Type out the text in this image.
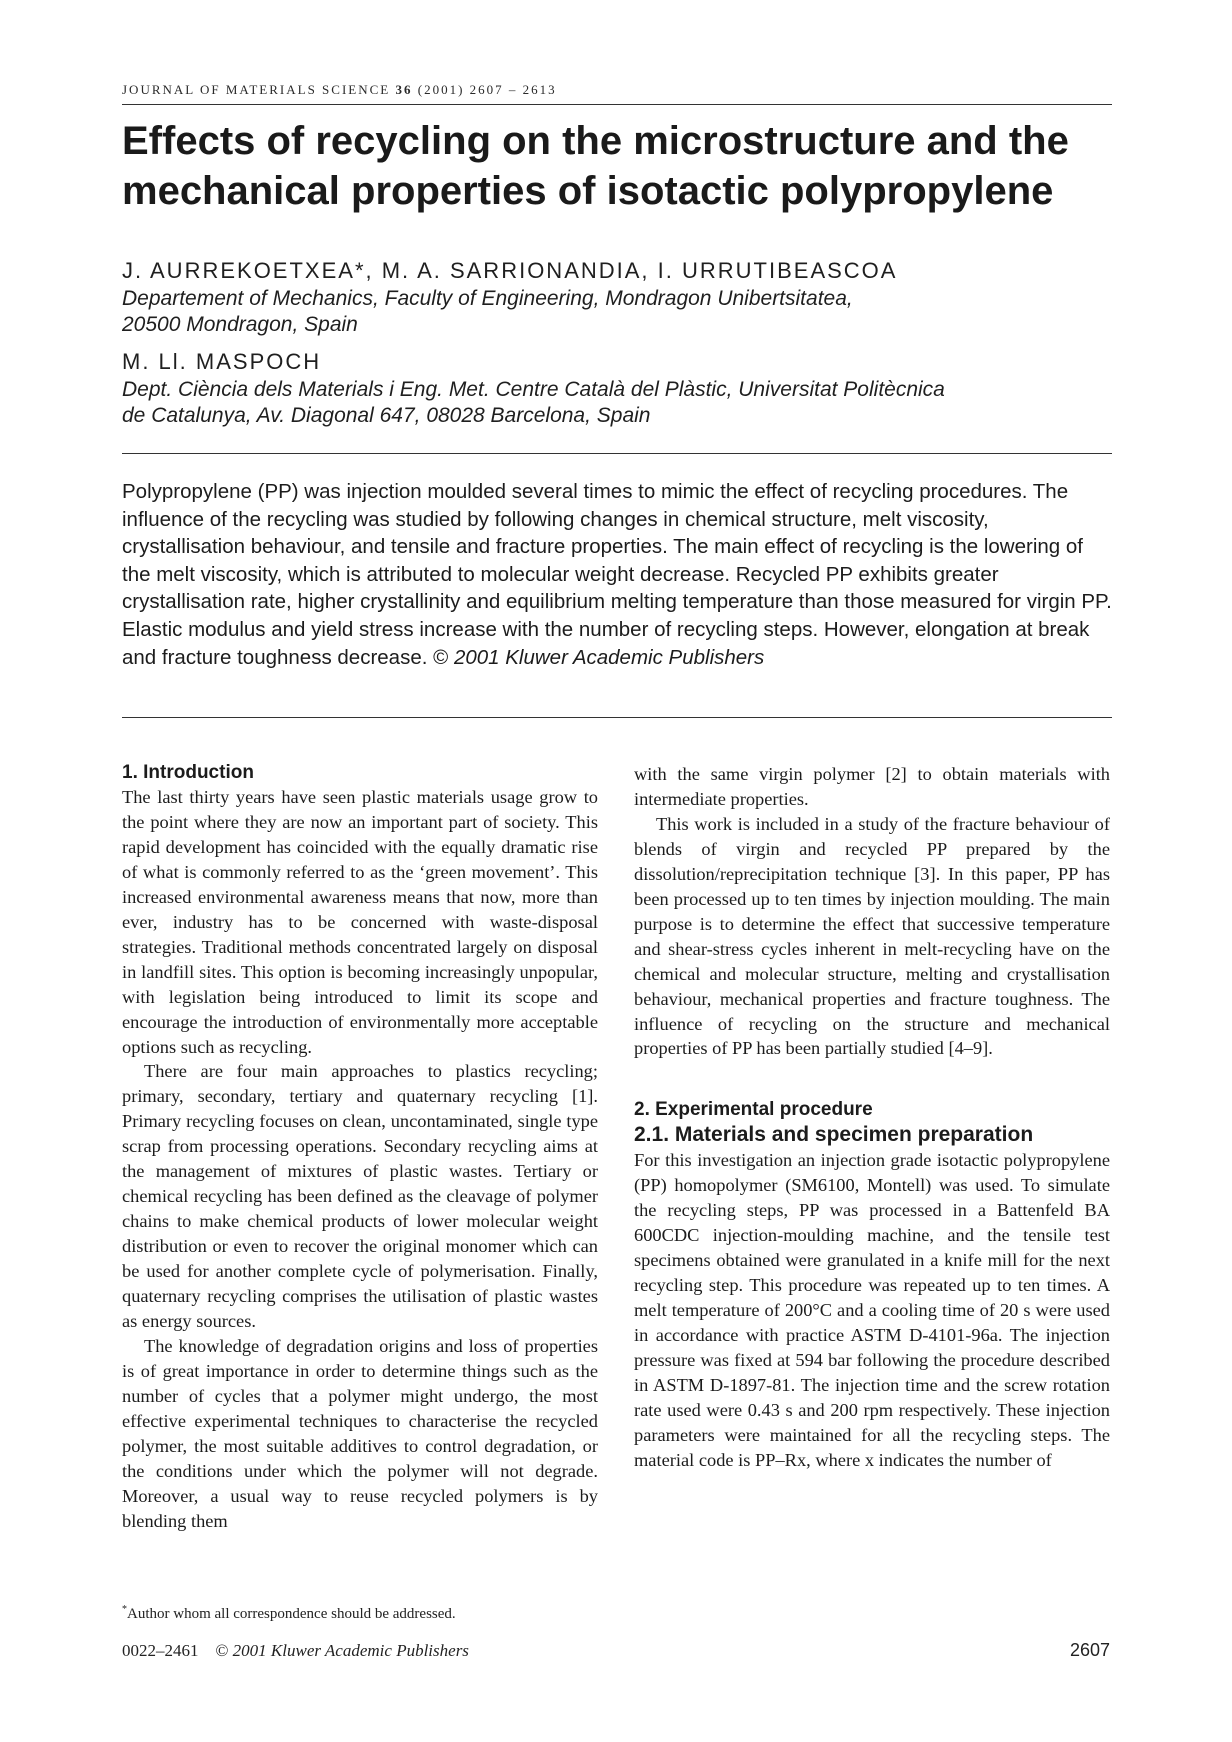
JOURNAL OF MATERIALS SCIENCE 36 (2001) 2607 – 2613
Effects of recycling on the microstructure and the
mechanical properties of isotactic polypropylene

J. AURREKOETXEA*, M. A. SARRIONANDIA, I. URRUTIBEASCOA

Departement of Mechanics, Faculty of Engineering, Mondragon Unibertsitatea,
20500 Mondragon, Spain

M. Ll. MASPOCH

Dept. Ciència dels Materials i Eng. Met. Centre Català del Plàstic, Universitat Politècnica
de Catalunya, Av. Diagonal 647, 08028 Barcelona, Spain

Polypropylene (PP) was injection moulded several times to mimic the effect of recycling procedures. The influence of the recycling was studied by following changes in chemical structure, melt viscosity, crystallisation behaviour, and tensile and fracture properties. The main effect of recycling is the lowering of the melt viscosity, which is attributed to molecular weight decrease. Recycled PP exhibits greater crystallisation rate, higher crystallinity and equilibrium melting temperature than those measured for virgin PP. Elastic modulus and yield stress increase with the number of recycling steps. However, elongation at break and fracture toughness decrease. © 2001 Kluwer Academic Publishers

1. Introduction

The last thirty years have seen plastic materials usage grow to the point where they are now an important part of society. This rapid development has coincided with the equally dramatic rise of what is commonly referred to as the ‘green movement’. This increased environmental awareness means that now, more than ever, industry has to be concerned with waste-disposal strategies. Traditional methods concentrated largely on disposal in landfill sites. This option is becoming increasingly unpopular, with legislation being introduced to limit its scope and encourage the introduction of environmentally more acceptable options such as recycling.

There are four main approaches to plastics recycling; primary, secondary, tertiary and quaternary recycling [1]. Primary recycling focuses on clean, uncontaminated, single type scrap from processing operations. Secondary recycling aims at the management of mixtures of plastic wastes. Tertiary or chemical recycling has been defined as the cleavage of polymer chains to make chemical products of lower molecular weight distribution or even to recover the original monomer which can be used for another complete cycle of polymerisation. Finally, quaternary recycling comprises the utilisation of plastic wastes as energy sources.

The knowledge of degradation origins and loss of properties is of great importance in order to determine things such as the number of cycles that a polymer might undergo, the most effective experimental techniques to characterise the recycled polymer, the most suitable additives to control degradation, or the conditions under which the polymer will not degrade. Moreover, a usual way to reuse recycled polymers is by blending them

with the same virgin polymer [2] to obtain materials with intermediate properties.

This work is included in a study of the fracture behaviour of blends of virgin and recycled PP prepared by the dissolution/reprecipitation technique [3]. In this paper, PP has been processed up to ten times by injection moulding. The main purpose is to determine the effect that successive temperature and shear-stress cycles inherent in melt-recycling have on the chemical and molecular structure, melting and crystallisation behaviour, mechanical properties and fracture toughness. The influence of recycling on the structure and mechanical properties of PP has been partially studied [4–9].

2. Experimental procedure
2.1. Materials and specimen preparation

For this investigation an injection grade isotactic polypropylene (PP) homopolymer (SM6100, Montell) was used. To simulate the recycling steps, PP was processed in a Battenfeld BA 600CDC injection-moulding machine, and the tensile test specimens obtained were granulated in a knife mill for the next recycling step. This procedure was repeated up to ten times. A melt temperature of 200°C and a cooling time of 20 s were used in accordance with practice ASTM D-4101-96a. The injection pressure was fixed at 594 bar following the procedure described in ASTM D-1897-81. The injection time and the screw rotation rate used were 0.43 s and 200 rpm respectively. These injection parameters were maintained for all the recycling steps. The material code is PP–Rx, where x indicates the number of

*Author whom all correspondence should be addressed.
0022–2461 © 2001 Kluwer Academic Publishers	2607
